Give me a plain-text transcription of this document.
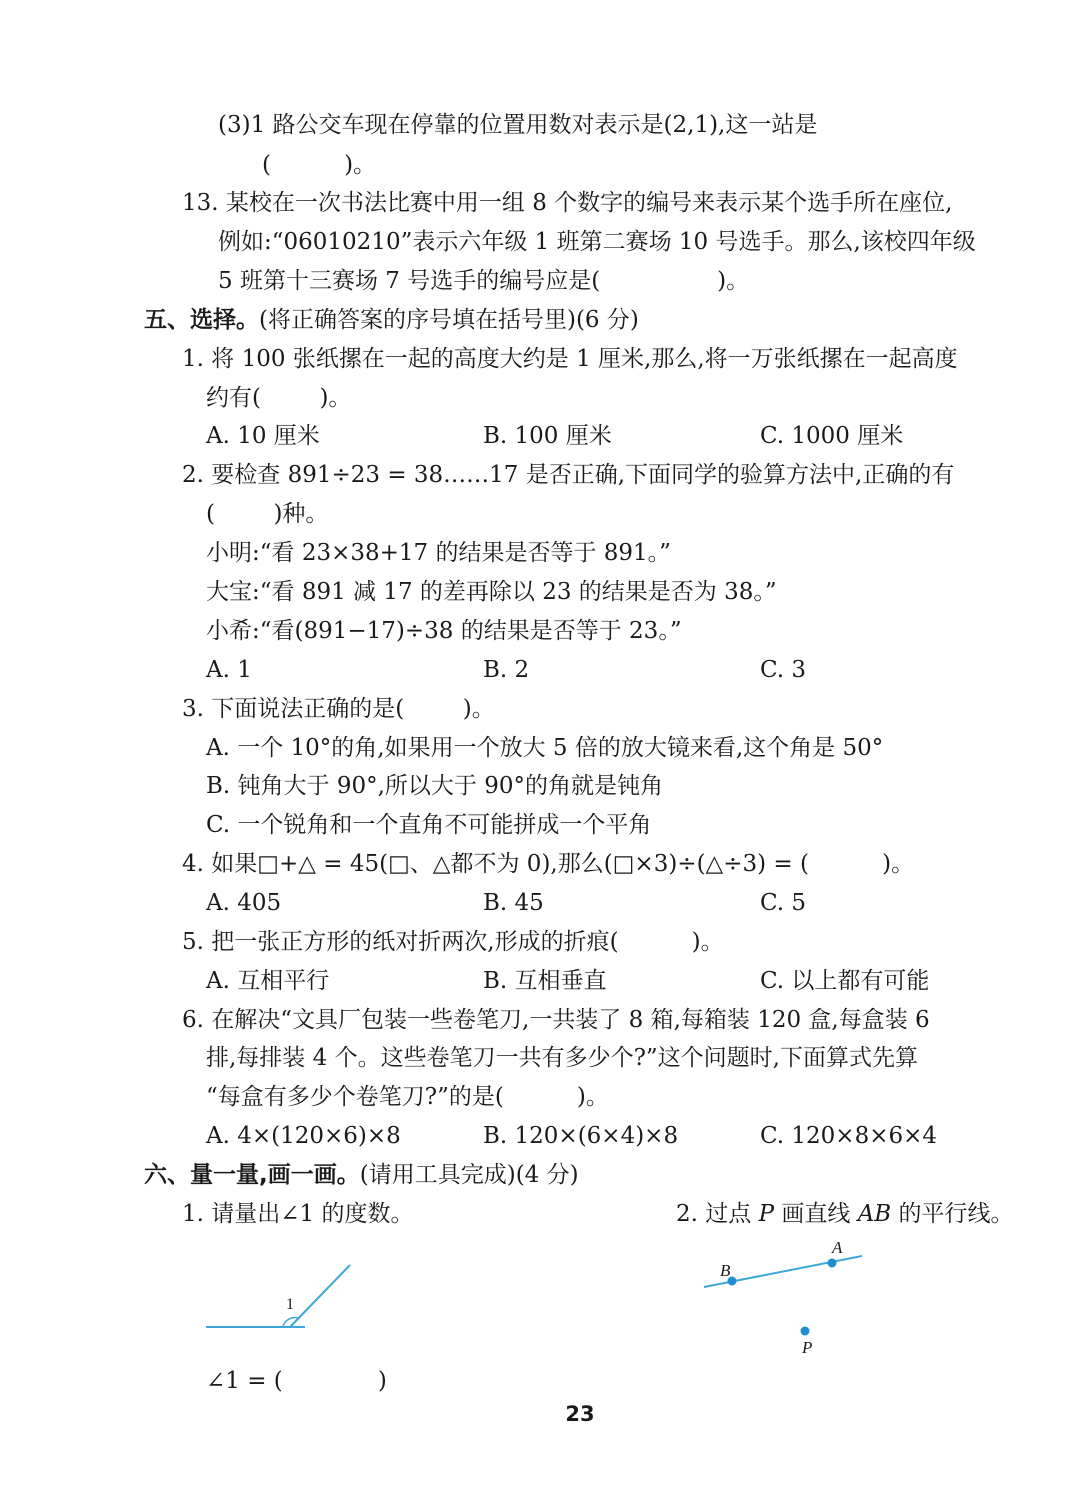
(3)1 路公交车现在停靠的位置用数对表示是(2,1),这一站是
(          )。
13. 某校在一次书法比赛中用一组 8 个数字的编号来表示某个选手所在座位,
例如:“06010210”表示六年级 1 班第二赛场 10 号选手。那么,该校四年级
5 班第十三赛场 7 号选手的编号应是(                )。
五、选择。(将正确答案的序号填在括号里)(6 分)
1. 将 100 张纸摞在一起的高度大约是 1 厘米,那么,将一万张纸摞在一起高度
约有(        )。
A. 10 厘米	B. 100 厘米	C. 1000 厘米
2. 要检查 891÷23 = 38……17 是否正确,下面同学的验算方法中,正确的有
(        )种。
小明:“看 23×38+17 的结果是否等于 891。”
大宝:“看 891 减 17 的差再除以 23 的结果是否为 38。”
小希:“看(891−17)÷38 的结果是否等于 23。”
A. 1	B. 2	C. 3
3. 下面说法正确的是(        )。
A. 一个 10°的角,如果用一个放大 5 倍的放大镜来看,这个角是 50°
B. 钝角大于 90°,所以大于 90°的角就是钝角
C. 一个锐角和一个直角不可能拼成一个平角
4. 如果□+△ = 45(□、△都不为 0),那么(□×3)÷(△÷3) = (          )。
A. 405	B. 45	C. 5
5. 把一张正方形的纸对折两次,形成的折痕(          )。
A. 互相平行	B. 互相垂直	C. 以上都有可能
6. 在解决“文具厂包装一些卷笔刀,一共装了 8 箱,每箱装 120 盒,每盒装 6
排,每排装 4 个。这些卷笔刀一共有多少个?”这个问题时,下面算式先算
“每盒有多少个卷笔刀?”的是(          )。
A. 4×(120×6)×8	B. 120×(6×4)×8	C. 120×8×6×4
六、量一量,画一画。(请用工具完成)(4 分)
1. 请量出∠1 的度数。	2. 过点 P 画直线 AB 的平行线。
1
B
A
P
∠1 = (             )
23
